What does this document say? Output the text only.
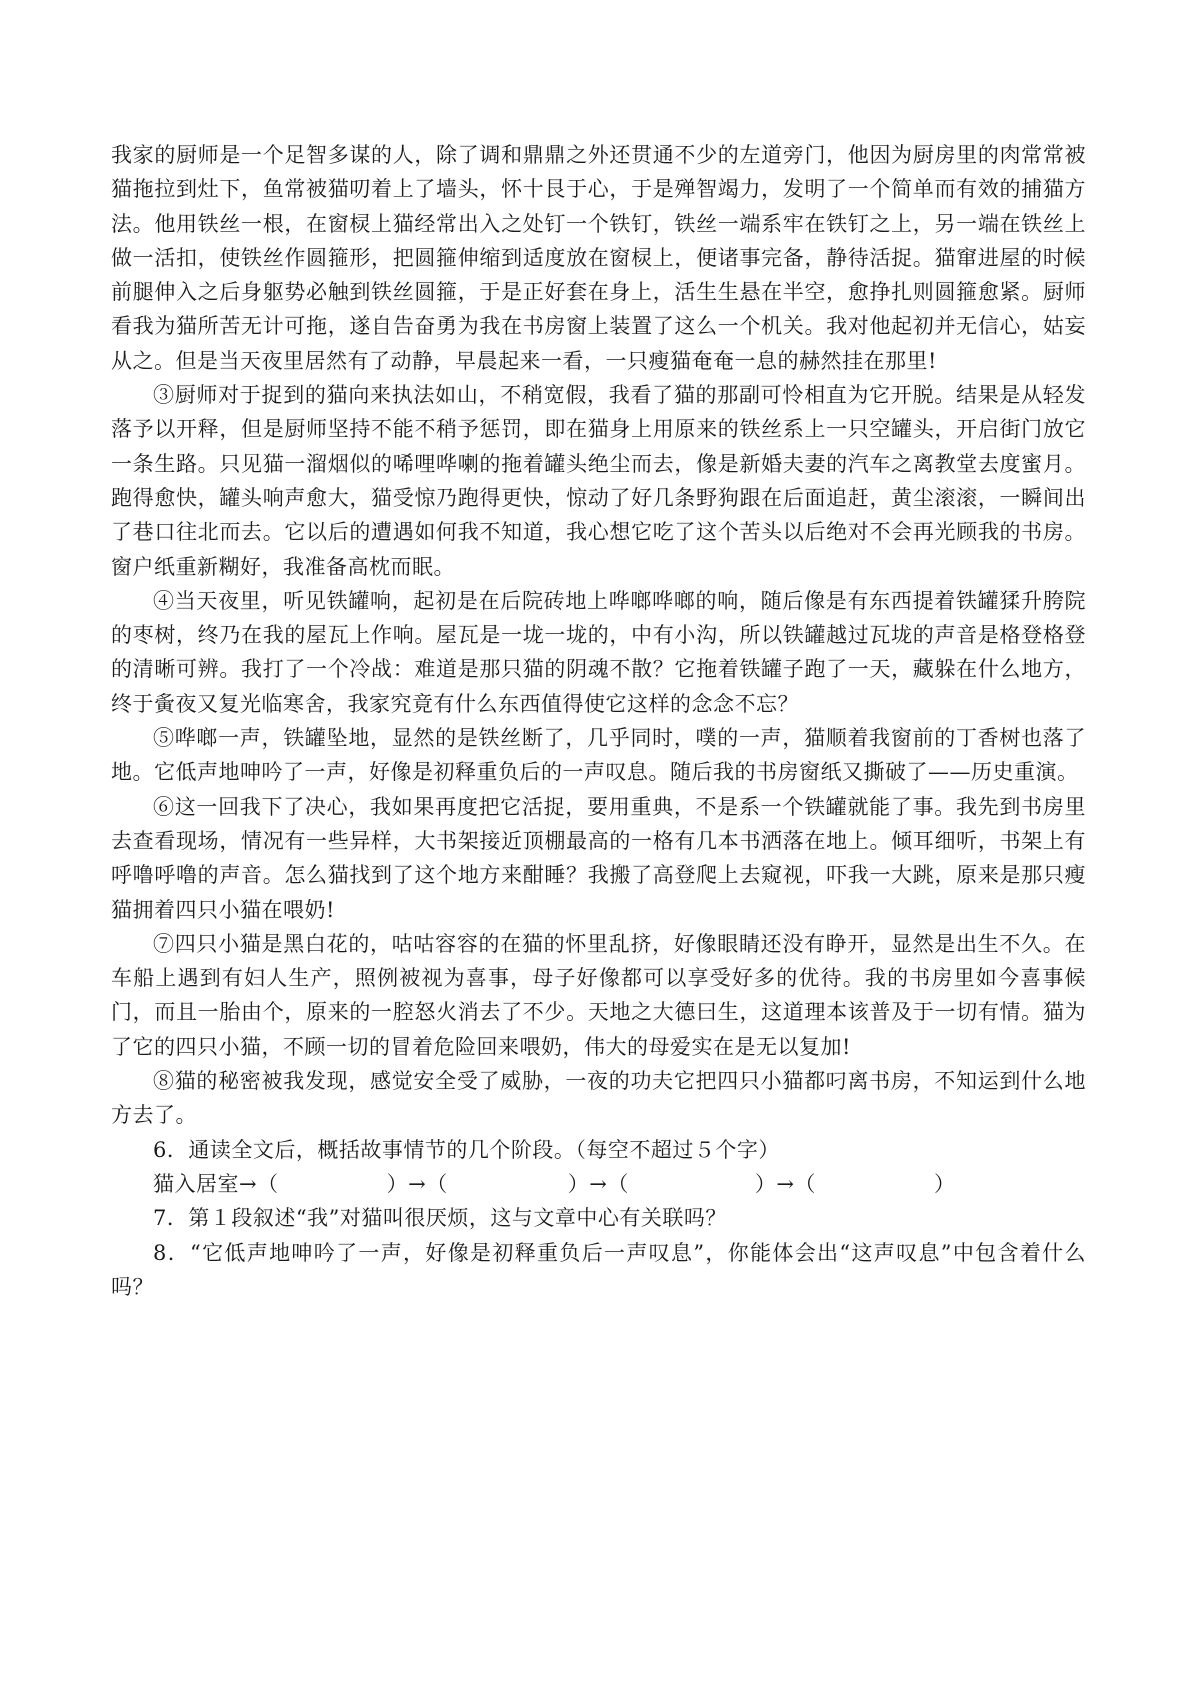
我家的厨师是一个足智多谋的人，除了调和鼎鼎之外还贯通不少的左道旁门，他因为厨房里的肉常常被猫拖拉到灶下，鱼常被猫叨着上了墙头，怀十艮于心，于是殚智竭力，发明了一个简单而有效的捕猫方法。他用铁丝一根，在窗棂上猫经常出入之处钉一个铁钉，铁丝一端系牢在铁钉之上，另一端在铁丝上做一活扣，使铁丝作圆箍形，把圆箍伸缩到适度放在窗棂上，便诸事完备，静待活捉。猫窜进屋的时候前腿伸入之后身躯势必触到铁丝圆箍，于是正好套在身上，活生生悬在半空，愈挣扎则圆箍愈紧。厨师看我为猫所苦无计可拖，遂自告奋勇为我在书房窗上装置了这么一个机关。我对他起初并无信心，姑妄从之。但是当天夜里居然有了动静，早晨起来一看，一只瘦猫奄奄一息的赫然挂在那里!

③厨师对于捉到的猫向来执法如山，不稍宽假，我看了猫的那副可怜相直为它开脱。结果是从轻发落予以开释，但是厨师坚持不能不稍予惩罚，即在猫身上用原来的铁丝系上一只空罐头，开启街门放它一条生路。只见猫一溜烟似的唏哩哗喇的拖着罐头绝尘而去，像是新婚夫妻的汽车之离教堂去度蜜月。跑得愈快，罐头响声愈大，猫受惊乃跑得更快，惊动了好几条野狗跟在后面追赶，黄尘滚滚，一瞬间出了巷口往北而去。它以后的遭遇如何我不知道，我心想它吃了这个苦头以后绝对不会再光顾我的书房。窗户纸重新糊好，我准备高枕而眠。

④当天夜里，听见铁罐响，起初是在后院砖地上哗啷哗啷的响，随后像是有东西提着铁罐猱升胯院的枣树，终乃在我的屋瓦上作响。屋瓦是一垅一垅的，中有小沟，所以铁罐越过瓦垅的声音是格登格登的清晰可辨。我打了一个冷战：难道是那只猫的阴魂不散？它拖着铁罐子跑了一天，藏躲在什么地方，终于夤夜又复光临寒舍，我家究竟有什么东西值得使它这样的念念不忘？

⑤哗啷一声，铁罐坠地，显然的是铁丝断了，几乎同时，噗的一声，猫顺着我窗前的丁香树也落了地。它低声地呻吟了一声，好像是初释重负后的一声叹息。随后我的书房窗纸又撕破了——历史重演。

⑥这一回我下了决心，我如果再度把它活捉，要用重典，不是系一个铁罐就能了事。我先到书房里去查看现场，情况有一些异样，大书架接近顶棚最高的一格有几本书洒落在地上。倾耳细听，书架上有呼噜呼噜的声音。怎么猫找到了这个地方来酣睡？我搬了高登爬上去窥视，吓我一大跳，原来是那只瘦猫拥着四只小猫在喂奶!

⑦四只小猫是黑白花的，咕咕容容的在猫的怀里乱挤，好像眼睛还没有睁开，显然是出生不久。在车船上遇到有妇人生产，照例被视为喜事，母子好像都可以享受好多的优待。我的书房里如今喜事候门，而且一胎由个，原来的一腔怒火消去了不少。天地之大德曰生，这道理本该普及于一切有情。猫为了它的四只小猫，不顾一切的冒着危险回来喂奶，伟大的母爱实在是无以复加!

⑧猫的秘密被我发现，感觉安全受了威胁，一夜的功夫它把四只小猫都叼离书房，不知运到什么地方去了。

6．通读全文后，概括故事情节的几个阶段。（每空不超过５个字）

猫入居室→（	）→（	）→（	）→（	）

7．第１段叙述“我”对猫叫很厌烦，这与文章中心有关联吗？

8．“它低声地呻吟了一声，好像是初释重负后一声叹息”，你能体会出“这声叹息”中包含着什么吗？
